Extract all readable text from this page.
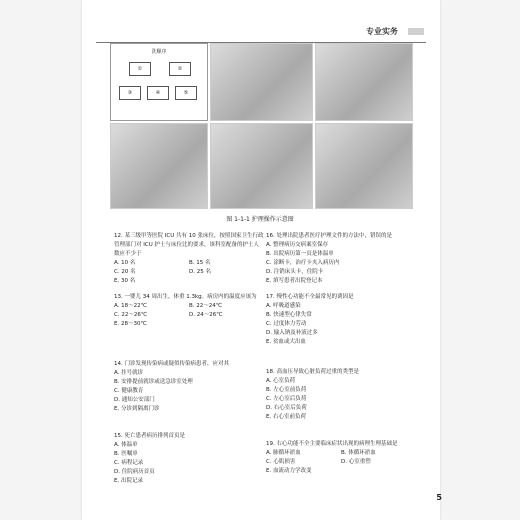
专业实务
洗顺序
①	②
③	④	⑤
图 1-1-1 护理操作示意图
12. 某三级甲等医院 ICU 共有 10 张床位，按照国家卫生行政管理部门对 ICU 护士与床位比的要求，该科室配备的护士人数应不少于
A. 10 名	B. 15 名
C. 20 名	D. 25 名
E. 30 名
13. 一婴儿 34 周出生，体重 1.3kg。病房内的温度应该为
A. 18～22℃	B. 22～24℃
C. 22～26℃	D. 24～26℃
E. 28～30℃
14. 门诊发现传染病或疑似传染病患者，应对其
A. 挂号就诊
B. 安排提前就诊或送急诊室处理
C. 健康教育
D. 通知公安部门
E. 分诊到隔离门诊
15. 死亡患者病历排列首页是
A. 体温单
B. 医嘱单
C. 病程记录
D. 住院病历首页
E. 出院记录
16. 处理出院患者医疗护理文件的方法中，错误的是
A. 整理病历交病案室保存
B. 出院病历第一页是体温单
C. 涂断卡，治疗卡夹入病历内
D. 注销床头卡，住院卡
E. 填写患者出院登记本
17. 慢性心功能不全最常见的诱因是
A. 呼吸道感染
B. 快速型心律失常
C. 过度体力劳动
D. 输入钠及补液过多
E. 贫血或大出血
18. 高血压导致心脏负荷过重的类型是
A. 心室负荷
B. 左心室前负荷
C. 左心室后负荷
D. 右心室后负荷
E. 右心室前负荷
19. 右心功能不全主要临床症状出现的病理生理基础是
A. 肺循环淤血	B. 体循环淤血
C. 心肌损害	D. 心室重塑
E. 血流动力学改变
5
